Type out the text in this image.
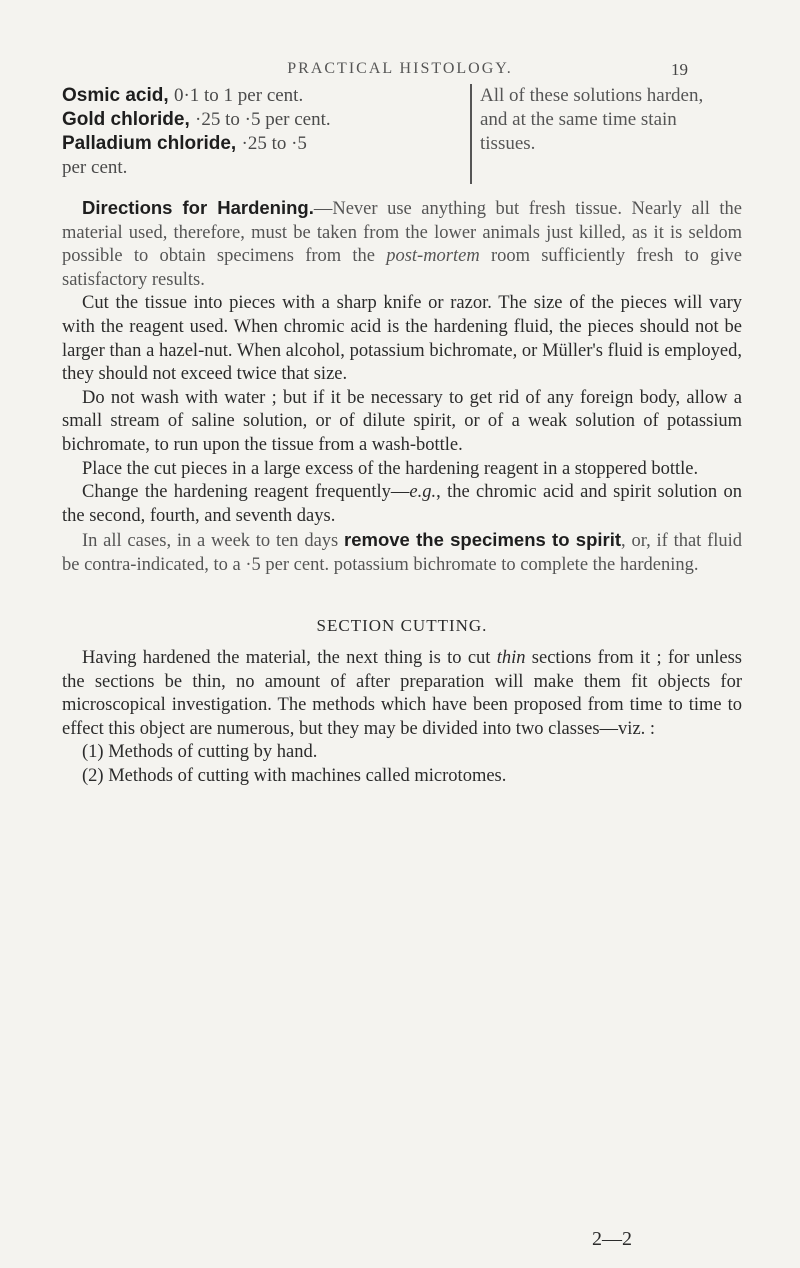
PRACTICAL HISTOLOGY.	19
Osmic acid, 0·1 to 1 per cent.
Gold chloride, ·25 to ·5 per cent.
Palladium chloride, ·25 to ·5
per cent.
All of these solutions harden, and at the same time stain tissues.

Directions for Hardening.—Never use anything but fresh tissue. Nearly all the material used, therefore, must be taken from the lower animals just killed, as it is seldom possible to obtain specimens from the post-mortem room sufficiently fresh to give satisfactory results.

Cut the tissue into pieces with a sharp knife or razor. The size of the pieces will vary with the reagent used. When chromic acid is the hardening fluid, the pieces should not be larger than a hazel-nut. When alcohol, potassium bichromate, or Müller's fluid is employed, they should not exceed twice that size.

Do not wash with water ; but if it be necessary to get rid of any foreign body, allow a small stream of saline solution, or of dilute spirit, or of a weak solution of potassium bichromate, to run upon the tissue from a wash-bottle.

Place the cut pieces in a large excess of the hardening reagent in a stoppered bottle.

Change the hardening reagent frequently—e.g., the chromic acid and spirit solution on the second, fourth, and seventh days.

In all cases, in a week to ten days remove the specimens to spirit, or, if that fluid be contra-indicated, to a ·5 per cent. potassium bichromate to complete the hardening.

SECTION CUTTING.

Having hardened the material, the next thing is to cut thin sections from it ; for unless the sections be thin, no amount of after preparation will make them fit objects for microscopical investigation. The methods which have been proposed from time to time to effect this object are numerous, but they may be divided into two classes—viz. :

(1) Methods of cutting by hand.

(2) Methods of cutting with machines called microtomes.

2—2
